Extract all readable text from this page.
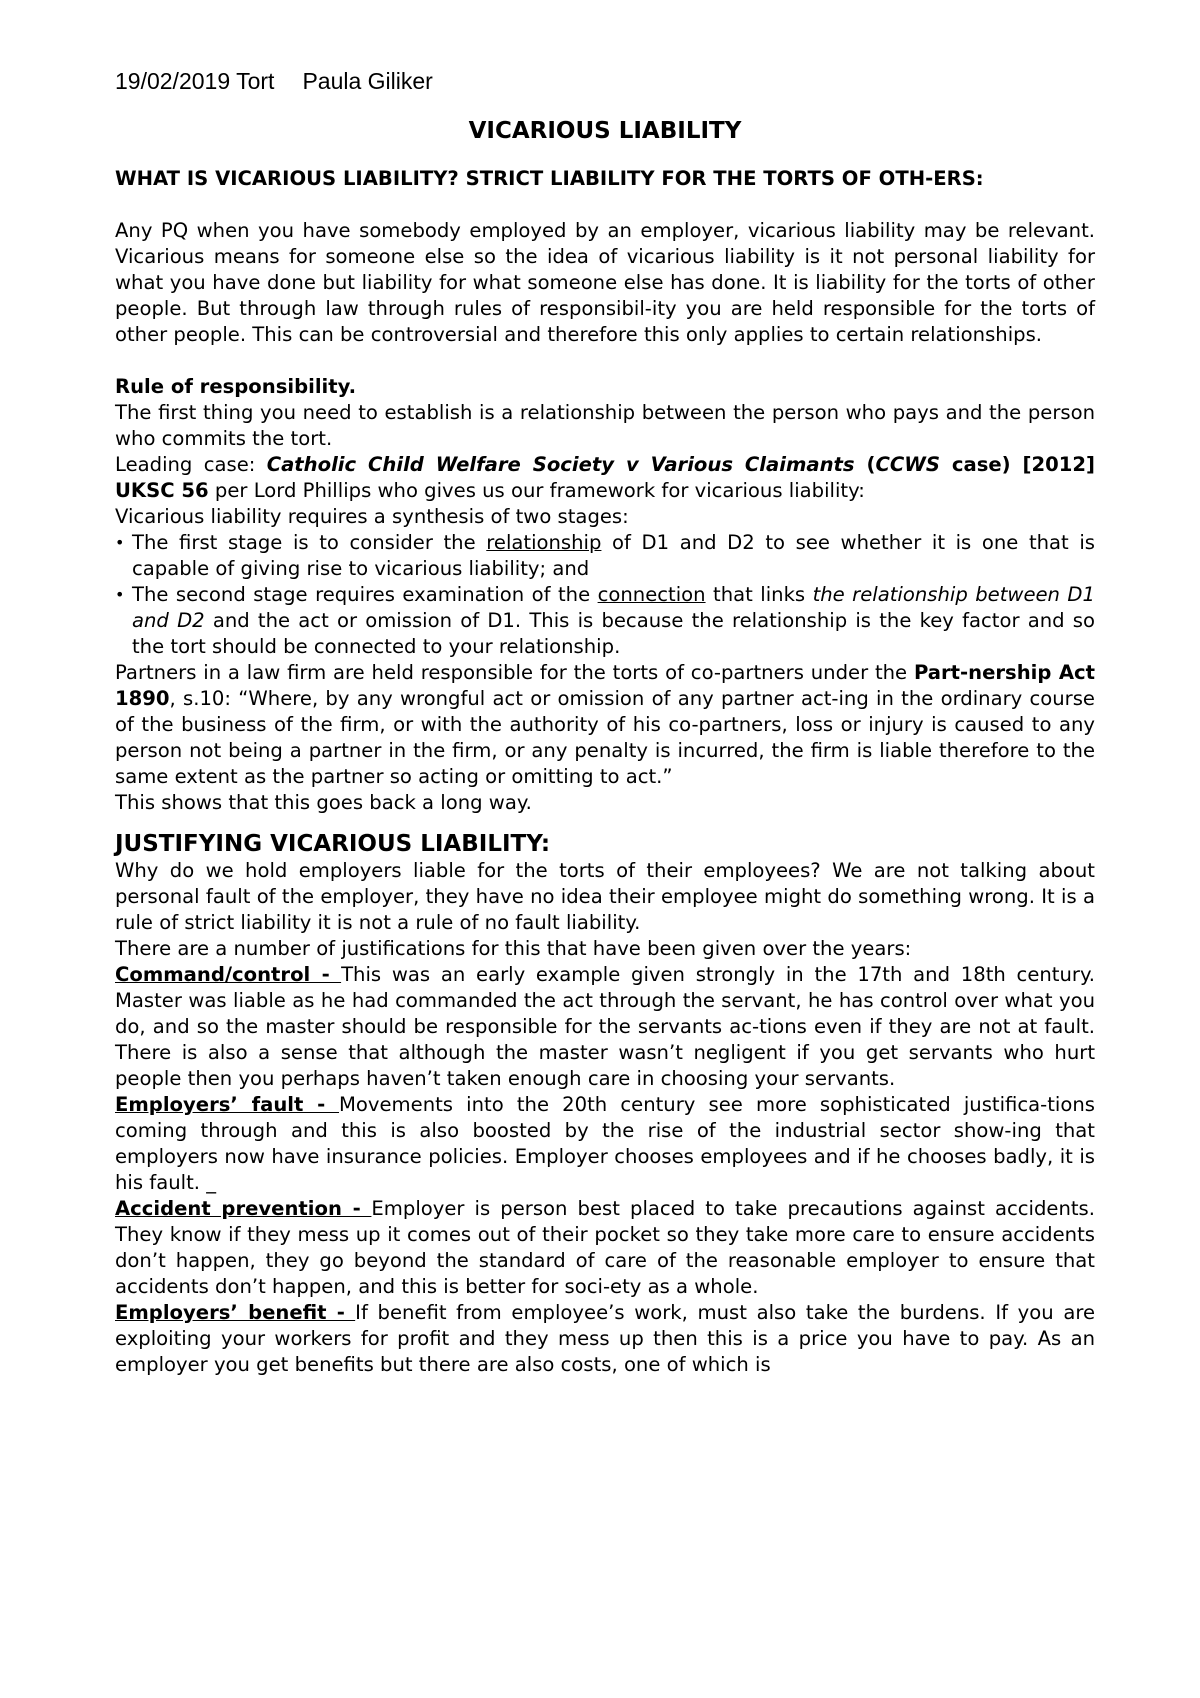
19/02/2019 Tort Paula Giliker
VICARIOUS LIABILITY
WHAT IS VICARIOUS LIABILITY? STRICT LIABILITY FOR THE TORTS OF OTH-ERS:

Any PQ when you have somebody employed by an employer, vicarious liability may be relevant. Vicarious means for someone else so the idea of vicarious liability is it not personal liability for what you have done but liability for what someone else has done. It is liability for the torts of other people. But through law through rules of responsibil-ity you are held responsible for the torts of other people. This can be controversial and therefore this only applies to certain relationships.

Rule of responsibility.

The first thing you need to establish is a relationship between the person who pays and the person who commits the tort.

Leading case: Catholic Child Welfare Society v Various Claimants (CCWS case) [2012] UKSC 56 per Lord Phillips who gives us our framework for vicarious liability:

Vicarious liability requires a synthesis of two stages:

• The first stage is to consider the relationship of D1 and D2 to see whether it is one that is capable of giving rise to vicarious liability; and
• The second stage requires examination of the connection that links the relationship between D1 and D2 and the act or omission of D1. This is because the relationship is the key factor and so the tort should be connected to your relationship.

Partners in a law firm are held responsible for the torts of co-partners under the Part-nership Act 1890, s.10: “Where, by any wrongful act or omission of any partner act-ing in the ordinary course of the business of the firm, or with the authority of his co-partners, loss or injury is caused to any person not being a partner in the firm, or any penalty is incurred, the firm is liable therefore to the same extent as the partner so acting or omitting to act.”

This shows that this goes back a long way.

JUSTIFYING VICARIOUS LIABILITY:

Why do we hold employers liable for the torts of their employees? We are not talking about personal fault of the employer, they have no idea their employee might do something wrong. It is a rule of strict liability it is not a rule of no fault liability.

There are a number of justifications for this that have been given over the years:

Command/control - This was an early example given strongly in the 17th and 18th century. Master was liable as he had commanded the act through the servant, he has control over what you do, and so the master should be responsible for the servants ac-tions even if they are not at fault. There is also a sense that although the master wasn’t negligent if you get servants who hurt people then you perhaps haven’t taken enough care in choosing your servants.

Employers’ fault - Movements into the 20th century see more sophisticated justifica-tions coming through and this is also boosted by the rise of the industrial sector show-ing that employers now have insurance policies. Employer chooses employees and if he chooses badly, it is his fault. _

Accident prevention - Employer is person best placed to take precautions against accidents. They know if they mess up it comes out of their pocket so they take more care to ensure accidents don’t happen, they go beyond the standard of care of the reasonable employer to ensure that accidents don’t happen, and this is better for soci-ety as a whole.

Employers’ benefit - If benefit from employee’s work, must also take the burdens. If you are exploiting your workers for profit and they mess up then this is a price you have to pay. As an employer you get benefits but there are also costs, one of which is
